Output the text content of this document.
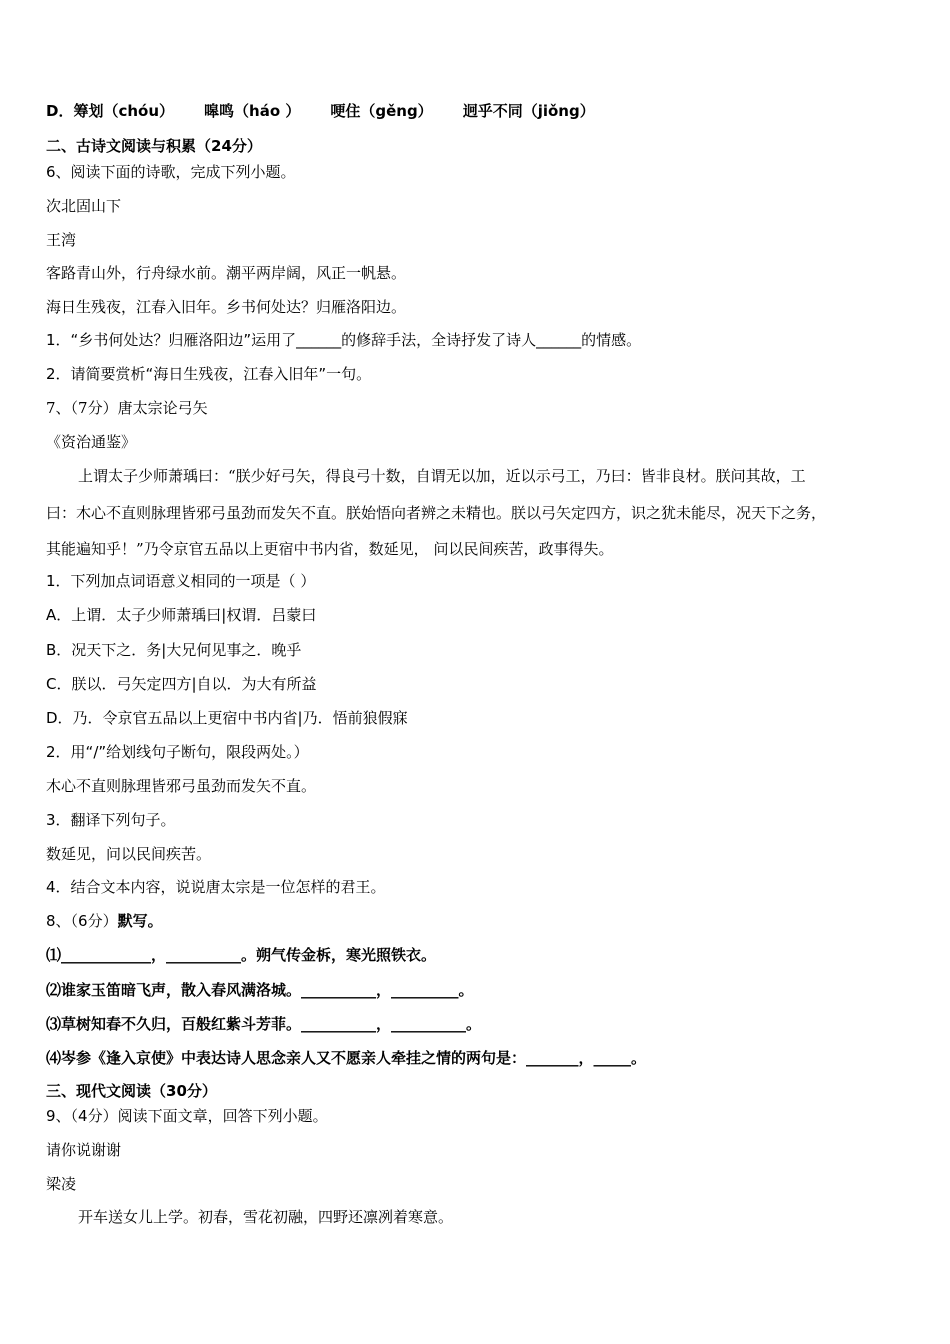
D．筹划（chóu） 嗥鸣（háo ） 哽住（gěng） 迥乎不同（jiǒng）
二、古诗文阅读与积累（24分）
6、阅读下面的诗歌，完成下列小题。
次北固山下
王湾
客路青山外，行舟绿水前。潮平两岸阔，风正一帆悬。
海日生残夜，江春入旧年。乡书何处达？归雁洛阳边。
1．“乡书何处达？归雁洛阳边”运用了______的修辞手法，全诗抒发了诗人______的情感。
2．请简要赏析“海日生残夜，江春入旧年”一句。
7、（7分）唐太宗论弓矢
《资治通鉴》
上谓太子少师萧瑀曰：“朕少好弓矢，得良弓十数，自谓无以加，近以示弓工，乃曰：皆非良材。朕问其故，工
曰：木心不直则脉理皆邪弓虽劲而发矢不直。朕始悟向者辨之未精也。朕以弓矢定四方，识之犹未能尽，况天下之务，
其能遍知乎！”乃令京官五品以上更宿中书内省，数延见， 问以民间疾苦，政事得失。
1．下列加点词语意义相同的一项是（ ）
A．上谓．太子少师萧瑀曰|权谓．吕蒙曰
B．况天下之．务|大兄何见事之．晚乎
C．朕以．弓矢定四方|自以．为大有所益
D．乃．令京官五品以上更宿中书内省|乃．悟前狼假寐
2．用“/”给划线句子断句，限段两处。）
木心不直则脉理皆邪弓虽劲而发矢不直。
3．翻译下列句子。
数延见，问以民间疾苦。
4．结合文本内容，说说唐太宗是一位怎样的君王。
8、（6分）默写。
⑴____________，__________。朔气传金柝，寒光照铁衣。
⑵谁家玉笛暗飞声，散入春风满洛城。__________，_________。
⑶草树知春不久归，百般红紫斗芳菲。__________，__________。
⑷岑参《逢入京使》中表达诗人思念亲人又不愿亲人牵挂之情的两句是：_______，_____。
三、现代文阅读（30分）
9、（4分）阅读下面文章，回答下列小题。
请你说谢谢
梁凌
开车送女儿上学。初春，雪花初融，四野还凛冽着寒意。
